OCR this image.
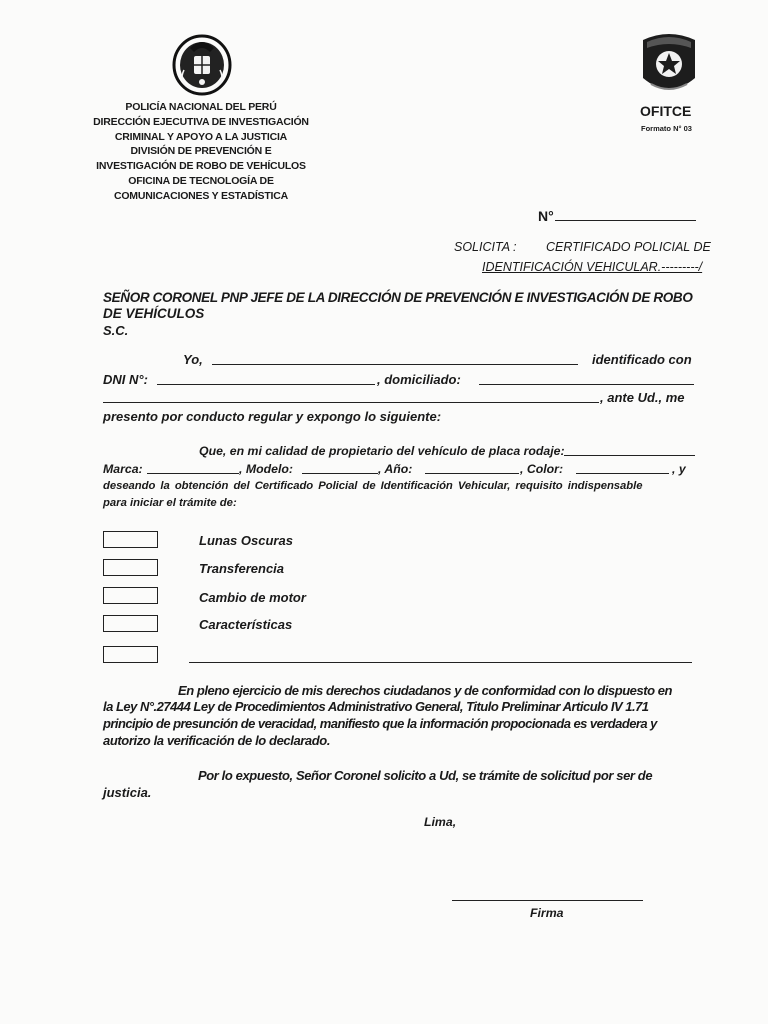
POLICÍA NACIONAL DEL PERÚ
DIRECCIÓN EJECUTIVA DE INVESTIGACIÓN
CRIMINAL Y APOYO A LA JUSTICIA
DIVISIÓN DE PREVENCIÓN E
INVESTIGACIÓN DE ROBO DE VEHÍCULOS
OFICINA DE TECNOLOGÍA DE
COMUNICACIONES Y ESTADÍSTICA
OFITCE
Formato N° 03
N°
SOLICITA : CERTIFICADO POLICIAL DE
IDENTIFICACIÓN VEHICULAR.---------/
SEÑOR CORONEL PNP JEFE DE LA DIRECCIÓN DE PREVENCIÓN E INVESTIGACIÓN DE ROBO
DE VEHÍCULOS
S.C.
Yo,	identificado con
DNI N°:	, domiciliado:
, ante Ud., me
presento por conducto regular y expongo lo siguiente:
Que, en mi calidad de propietario del vehículo de placa rodaje:
Marca:	, Modelo:	, Año:	, Color:	, y
deseando la obtención del Certificado Policial de Identificación Vehicular, requisito indispensable
para iniciar el trámite de:
Lunas Oscuras
Transferencia
Cambio de motor
Características
En pleno ejercicio de mis derechos ciudadanos y de conformidad con lo dispuesto en
la Ley N°.27444 Ley de Procedimientos Administrativo General, Titulo Preliminar Articulo IV 1.71
principio de presunción de veracidad, manifiesto que la información propocionada es verdadera y
autorizo la verificación de lo declarado.
Por lo expuesto, Señor Coronel solicito a Ud, se trámite de solicitud por ser de
justicia.
Lima,
Firma
